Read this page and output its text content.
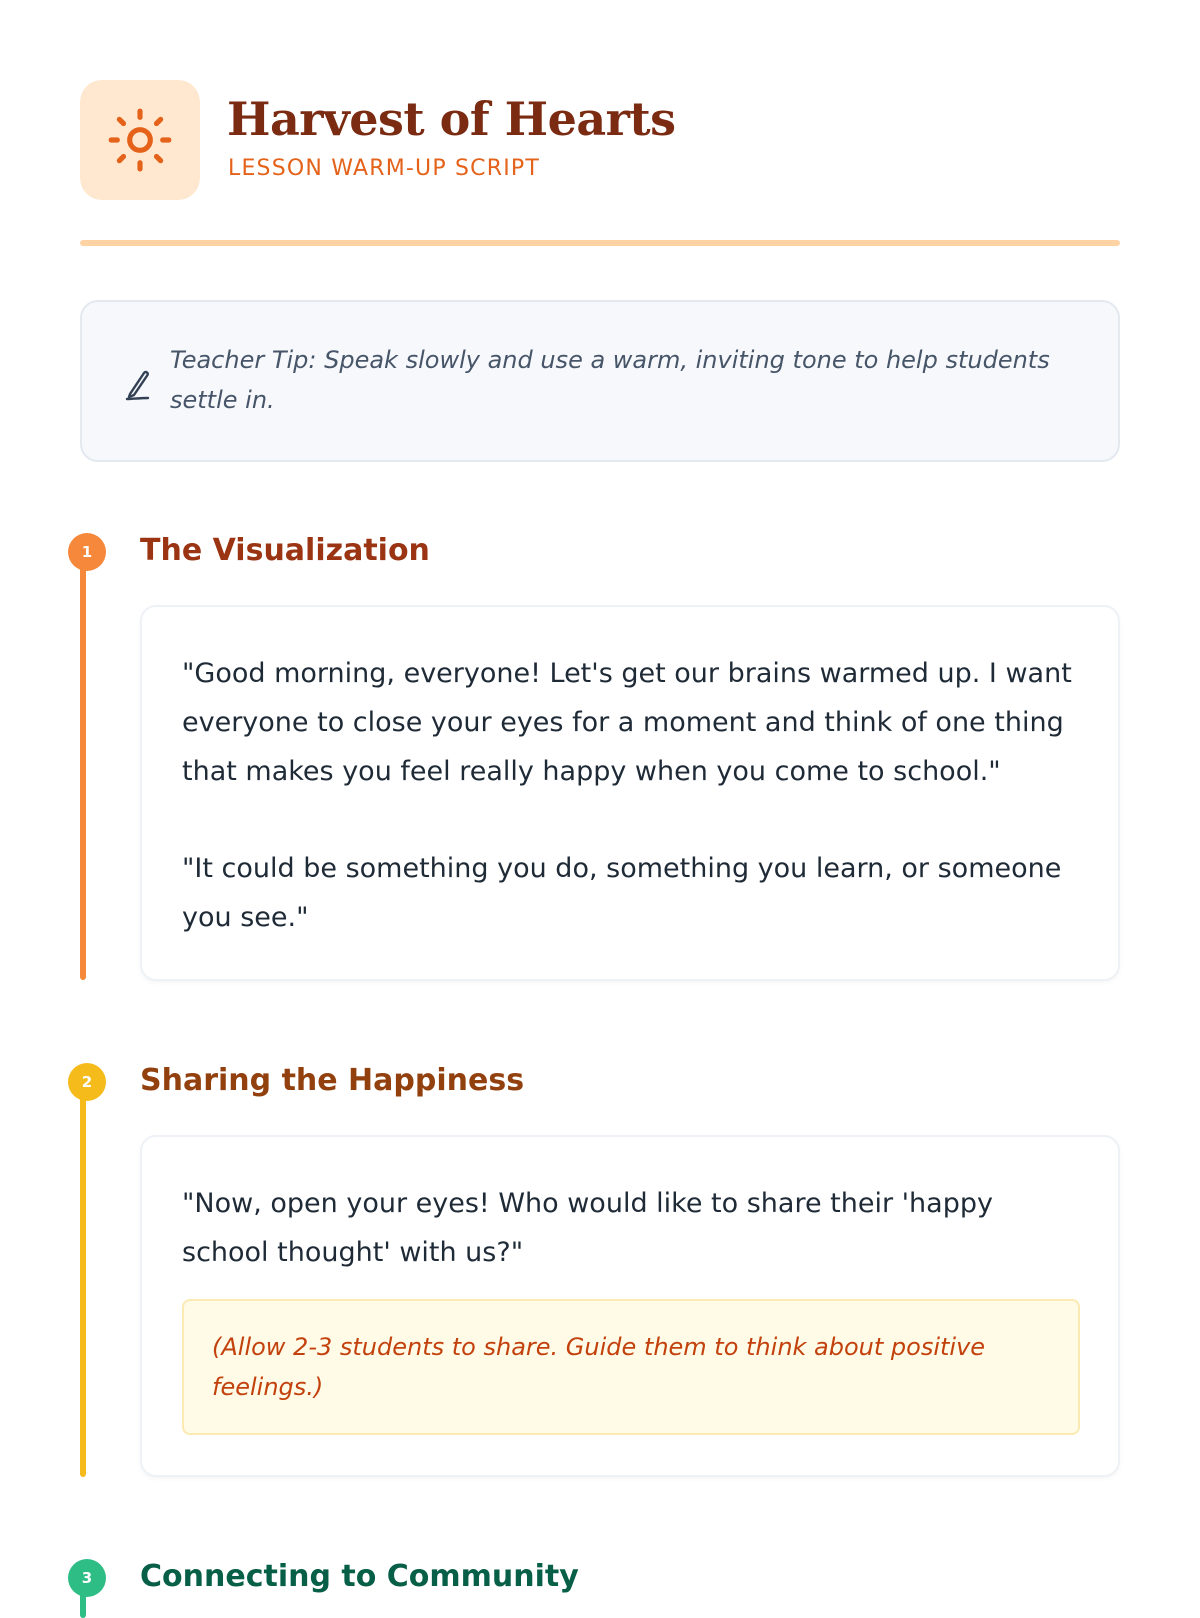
Harvest of Hearts
LESSON WARM-UP SCRIPT
Teacher Tip: Speak slowly and use a warm, inviting tone to help students settle in.
1	The Visualization
"Good morning, everyone! Let's get our brains warmed up. I want everyone to close your eyes for a moment and think of one thing that makes you feel really happy when you come to school."
"It could be something you do, something you learn, or someone you see."
2	Sharing the Happiness
"Now, open your eyes! Who would like to share their 'happy school thought' with us?"
(Allow 2-3 students to share. Guide them to think about positive feelings.)
3	Connecting to Community
